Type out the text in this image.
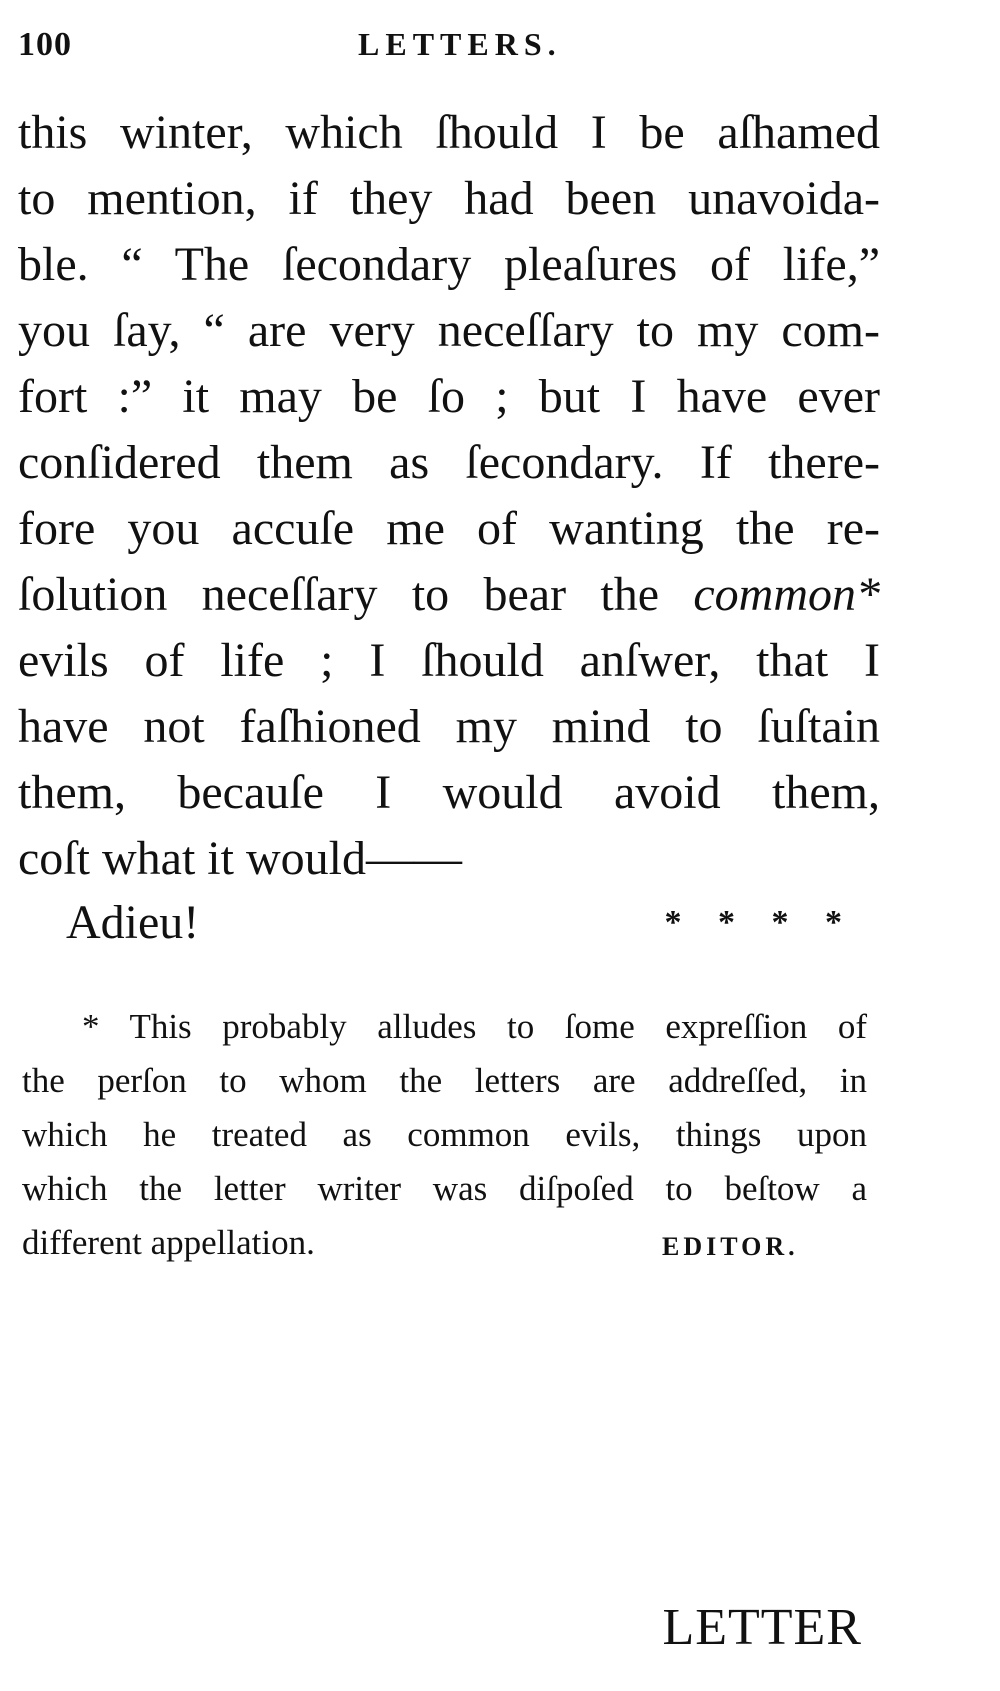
100	LETTERS.
this winter, which ſhould I be aſhamed
to mention, if they had been unavoida-
ble. “ The ſecondary pleaſures of life,”
you ſay, “ are very neceſſary to my com-
fort :” it may be ſo ; but I have ever
conſidered them as ſecondary. If there-
fore you accuſe me of wanting the re-
ſolution neceſſary to bear the common*
evils of life ; I ſhould anſwer, that I
have not faſhioned my mind to ſuſtain
them, becauſe I would avoid them,
coſt what it would——
Adieu!	* * * *
* This probably alludes to ſome expreſſion of
the perſon to whom the letters are addreſſed, in
which he treated as common evils, things upon
which the letter writer was diſpoſed to beſtow a
different appellation.	EDITOR.
LETTER
